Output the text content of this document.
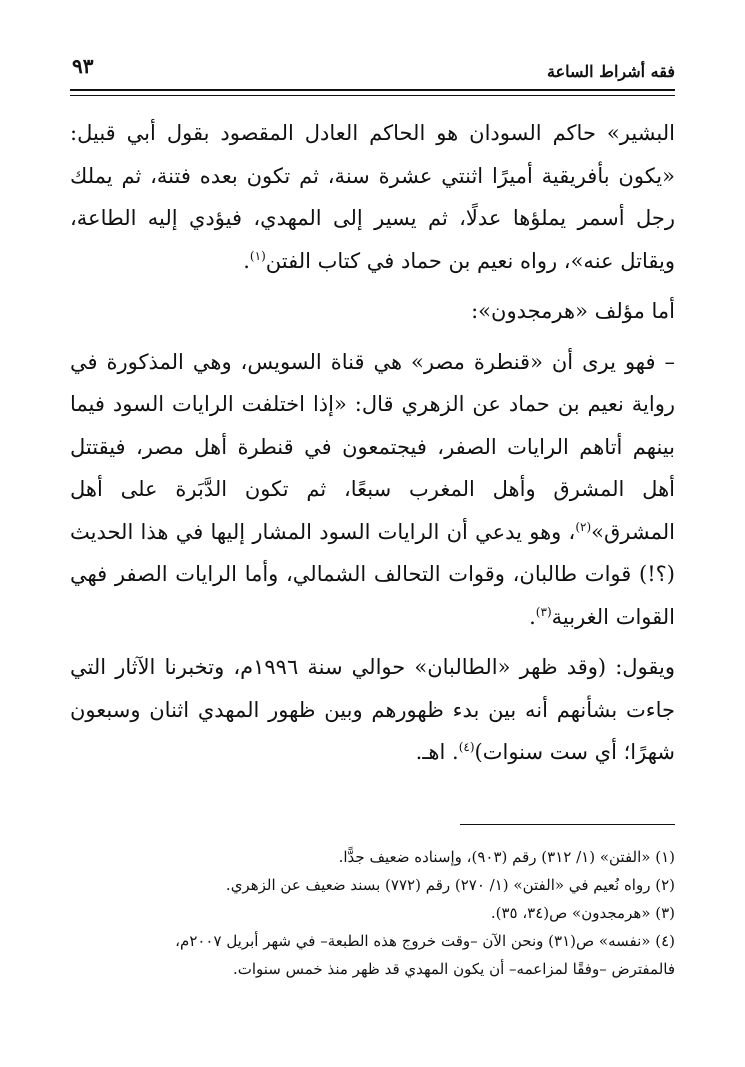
فقه أشراط الساعة
٩٣

البشير» حاكم السودان هو الحاكم العادل المقصود بقول أبي قبيل: «يكون بأفريقية أميرًا اثنتي عشرة سنة، ثم تكون بعده فتنة، ثم يملك رجل أسمر يملؤها عدلًا، ثم يسير إلى المهدي، فيؤدي إليه الطاعة، ويقاتل عنه»، رواه نعيم بن حماد في كتاب الفتن$^{(١)}$.

أما مؤلف «هرمجدون»:

– فهو يرى أن «قنطرة مصر» هي قناة السويس، وهي المذكورة في رواية نعيم بن حماد عن الزهري قال: «إذا اختلفت الرايات السود فيما بينهم أتاهم الرايات الصفر، فيجتمعون في قنطرة أهل مصر، فيقتتل أهل المشرق وأهل المغرب سبعًا، ثم تكون الدَّبَرة على أهل المشرق»$^{(٢)}$، وهو يدعي أن الرايات السود المشار إليها في هذا الحديث (؟!) قوات طالبان، وقوات التحالف الشمالي، وأما الرايات الصفر فهي القوات الغربية$^{(٣)}$.

ويقول: (وقد ظهر «الطالبان» حوالي سنة ١٩٩٦م، وتخبرنا الآثار التي جاءت بشأنهم أنه بين بدء ظهورهم وبين ظهور المهدي اثنان وسبعون شهرًا؛ أي ست سنوات)$^{(٤)}$. اهـ.

(١) «الفتن» (١/ ٣١٢) رقم (٩٠٣)، وإسناده ضعيف جدًّا.

(٢) رواه نُعيم في «الفتن» (١/ ٢٧٠) رقم (٧٧٢) بسند ضعيف عن الزهري.

(٣) «هرمجدون» ص(٣٤، ٣٥).

(٤) «نفسه» ص(٣١) ونحن الآن –وقت خروج هذه الطبعة– في شهر أبريل ٢٠٠٧م،

فالمفترض –وفقًا لمزاعمه– أن يكون المهدي قد ظهر منذ خمس سنوات.
